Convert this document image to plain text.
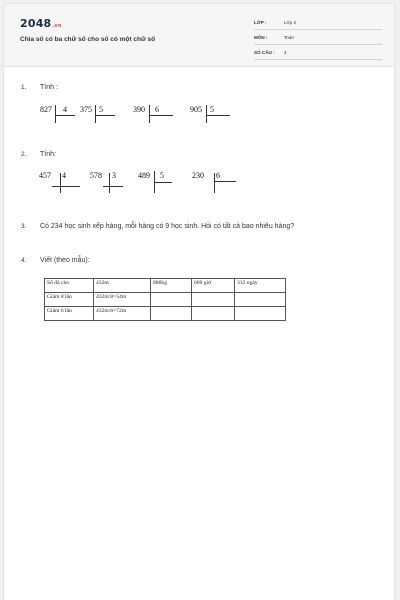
2048.vn
Chia số có ba chữ số cho số có một chữ số
LỚP :	Lớp 3
MÔN :	Toán
SỐ CÂU : 4
1. Tính :
827 4 375 5	390 6	905 5
2. Tính:
457 4	578 3	489 5	230 6
3. Có 234 học sinh xếp hàng, mỗi hàng có 9 học sinh. Hỏi có tất cả bao nhiêu hàng?
4. Viết (theo mẫu):
Số đã cho	432m	888kg	600 giờ	312 ngày
Giảm 8 lần	432m:8=54m			
Giảm 6 lần	432m:6=72m			
